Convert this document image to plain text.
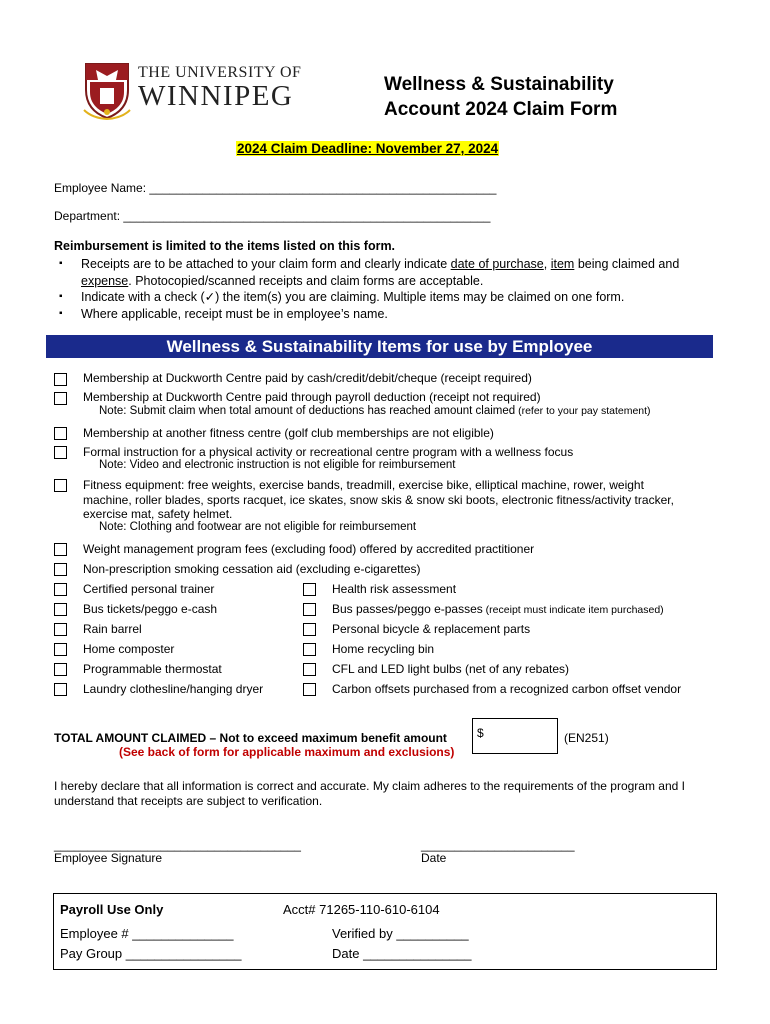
THE UNIVERSITY OF
WINNIPEG	Wellness & Sustainability
Account 2024 Claim Form
2024 Claim Deadline: November 27, 2024
Employee Name: ____________________________________________________
Department: _______________________________________________________
Reimbursement is limited to the items listed on this form.
▪ Receipts are to be attached to your claim form and clearly indicate date of purchase, item being claimed and expense. Photocopied/scanned receipts and claim forms are acceptable.
▪ Indicate with a check (✓) the item(s) you are claiming. Multiple items may be claimed on one form.
▪ Where applicable, receipt must be in employee’s name.
Wellness & Sustainability Items for use by Employee
Membership at Duckworth Centre paid by cash/credit/debit/cheque (receipt required)
Membership at Duckworth Centre paid through payroll deduction (receipt not required)
Note: Submit claim when total amount of deductions has reached amount claimed (refer to your pay statement)
Membership at another fitness centre (golf club memberships are not eligible)
Formal instruction for a physical activity or recreational centre program with a wellness focus
Note: Video and electronic instruction is not eligible for reimbursement
Fitness equipment: free weights, exercise bands, treadmill, exercise bike, elliptical machine, rower, weight
machine, roller blades, sports racquet, ice skates, snow skis & snow ski boots, electronic fitness/activity tracker,
exercise mat, safety helmet.
Note: Clothing and footwear are not eligible for reimbursement
Weight management program fees (excluding food) offered by accredited practitioner
Non-prescription smoking cessation aid (excluding e-cigarettes)
Certified personal trainer	Health risk assessment
Bus tickets/peggo e-cash	Bus passes/peggo e-passes (receipt must indicate item purchased)
Rain barrel	Personal bicycle & replacement parts
Home composter	Home recycling bin
Programmable thermostat	CFL and LED light bulbs (net of any rebates)
Laundry clothesline/hanging dryer	Carbon offsets purchased from a recognized carbon offset vendor
TOTAL AMOUNT CLAIMED – Not to exceed maximum benefit amount
(See back of form for applicable maximum and exclusions)
$	(EN251)
I hereby declare that all information is correct and accurate. My claim adheres to the requirements of the program and I understand that receipts are subject to verification.
_____________________________________
Employee Signature
_______________________
Date
Payroll Use Only	Acct# 71265-110-610-6104
Employee # ______________	Verified by __________
Pay Group ________________	Date _______________
